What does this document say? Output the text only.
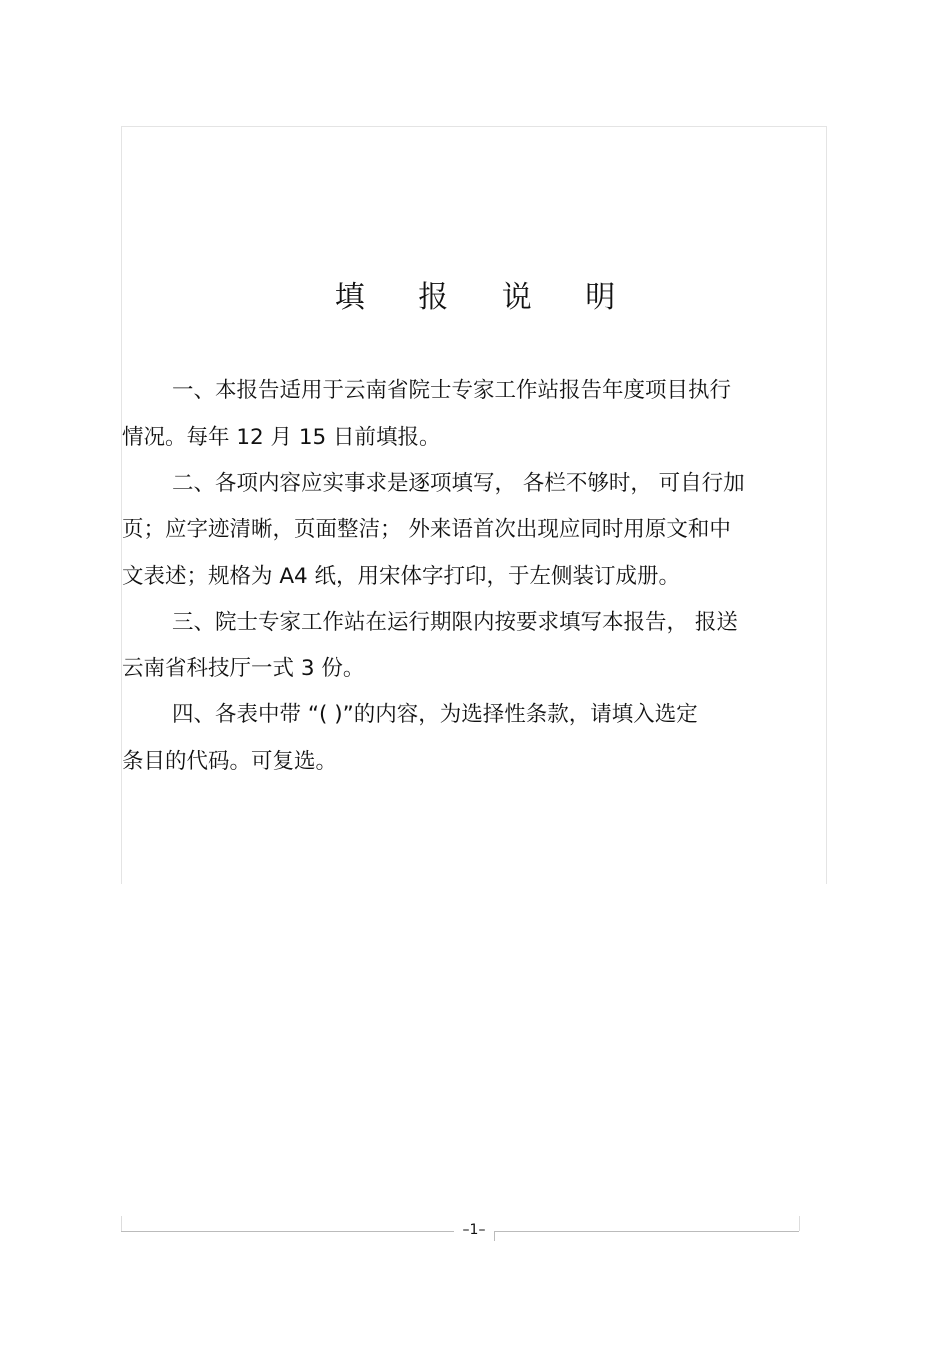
填 报 说 明
一、本报告适用于云南省院士专家工作站报告年度项目执行
情况。每年 12 月 15 日前填报。
二、各项内容应实事求是逐项填写， 各栏不够时， 可自行加
页；应字迹清晰，页面整洁； 外来语首次出现应同时用原文和中
文表述；规格为 A4 纸，用宋体字打印，于左侧装订成册。
三、院士专家工作站在运行期限内按要求填写本报告， 报送
云南省科技厅一式 3 份。
四、各表中带 “( )”的内容，为选择性条款，请填入选定
条目的代码。可复选。
–1–
